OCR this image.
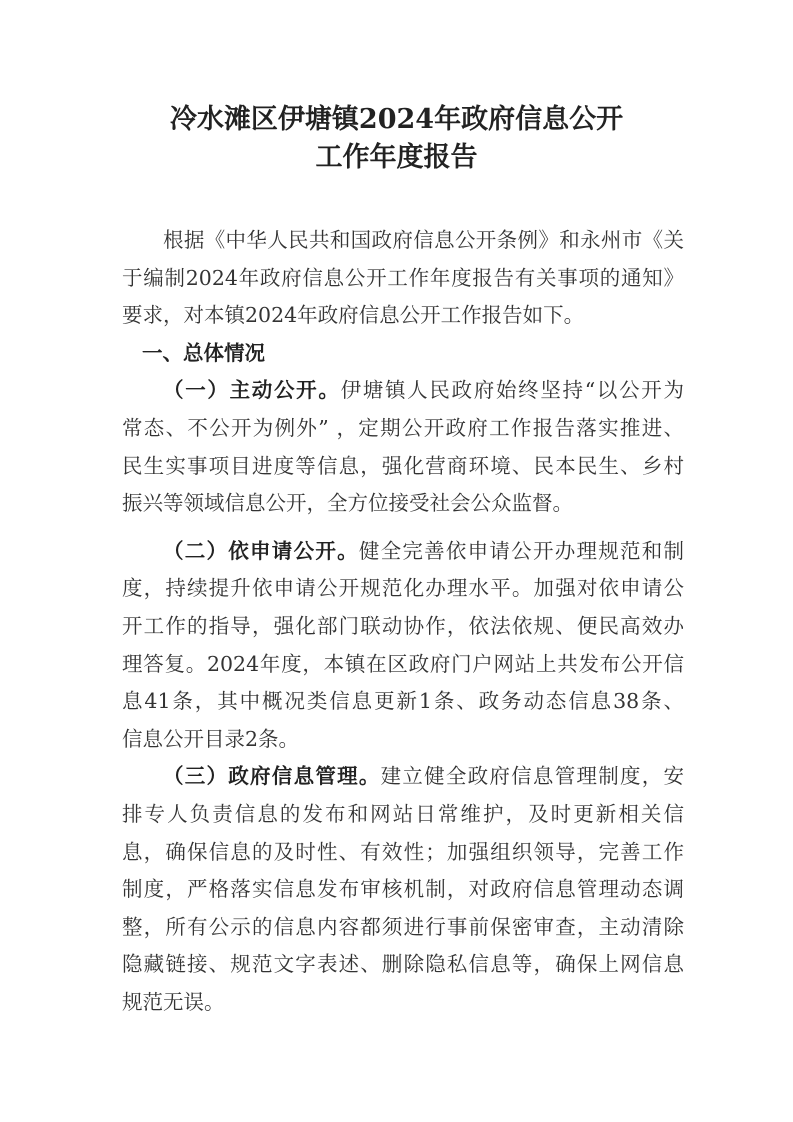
冷水滩区伊塘镇2024年政府信息公开
工作年度报告
根据《中华人民共和国政府信息公开条例》和永州市《关
于编制2024年政府信息公开工作年度报告有关事项的通知》
要求，对本镇2024年政府信息公开工作报告如下。
一、总体情况
（一）主动公开。伊塘镇人民政府始终坚持“以公开为
常态、不公开为例外” ，定期公开政府工作报告落实推进、
民生实事项目进度等信息，强化营商环境、民本民生、乡村
振兴等领域信息公开，全方位接受社会公众监督。
（二）依申请公开。健全完善依申请公开办理规范和制
度，持续提升依申请公开规范化办理水平。加强对依申请公
开工作的指导，强化部门联动协作，依法依规、便民高效办
理答复。2024年度，本镇在区政府门户网站上共发布公开信
息41条，其中概况类信息更新1条、政务动态信息38条、
信息公开目录2条。
（三）政府信息管理。建立健全政府信息管理制度，安
排专人负责信息的发布和网站日常维护，及时更新相关信
息，确保信息的及时性、有效性；加强组织领导，完善工作
制度，严格落实信息发布审核机制，对政府信息管理动态调
整，所有公示的信息内容都须进行事前保密审查，主动清除
隐藏链接、规范文字表述、删除隐私信息等，确保上网信息
规范无误。
